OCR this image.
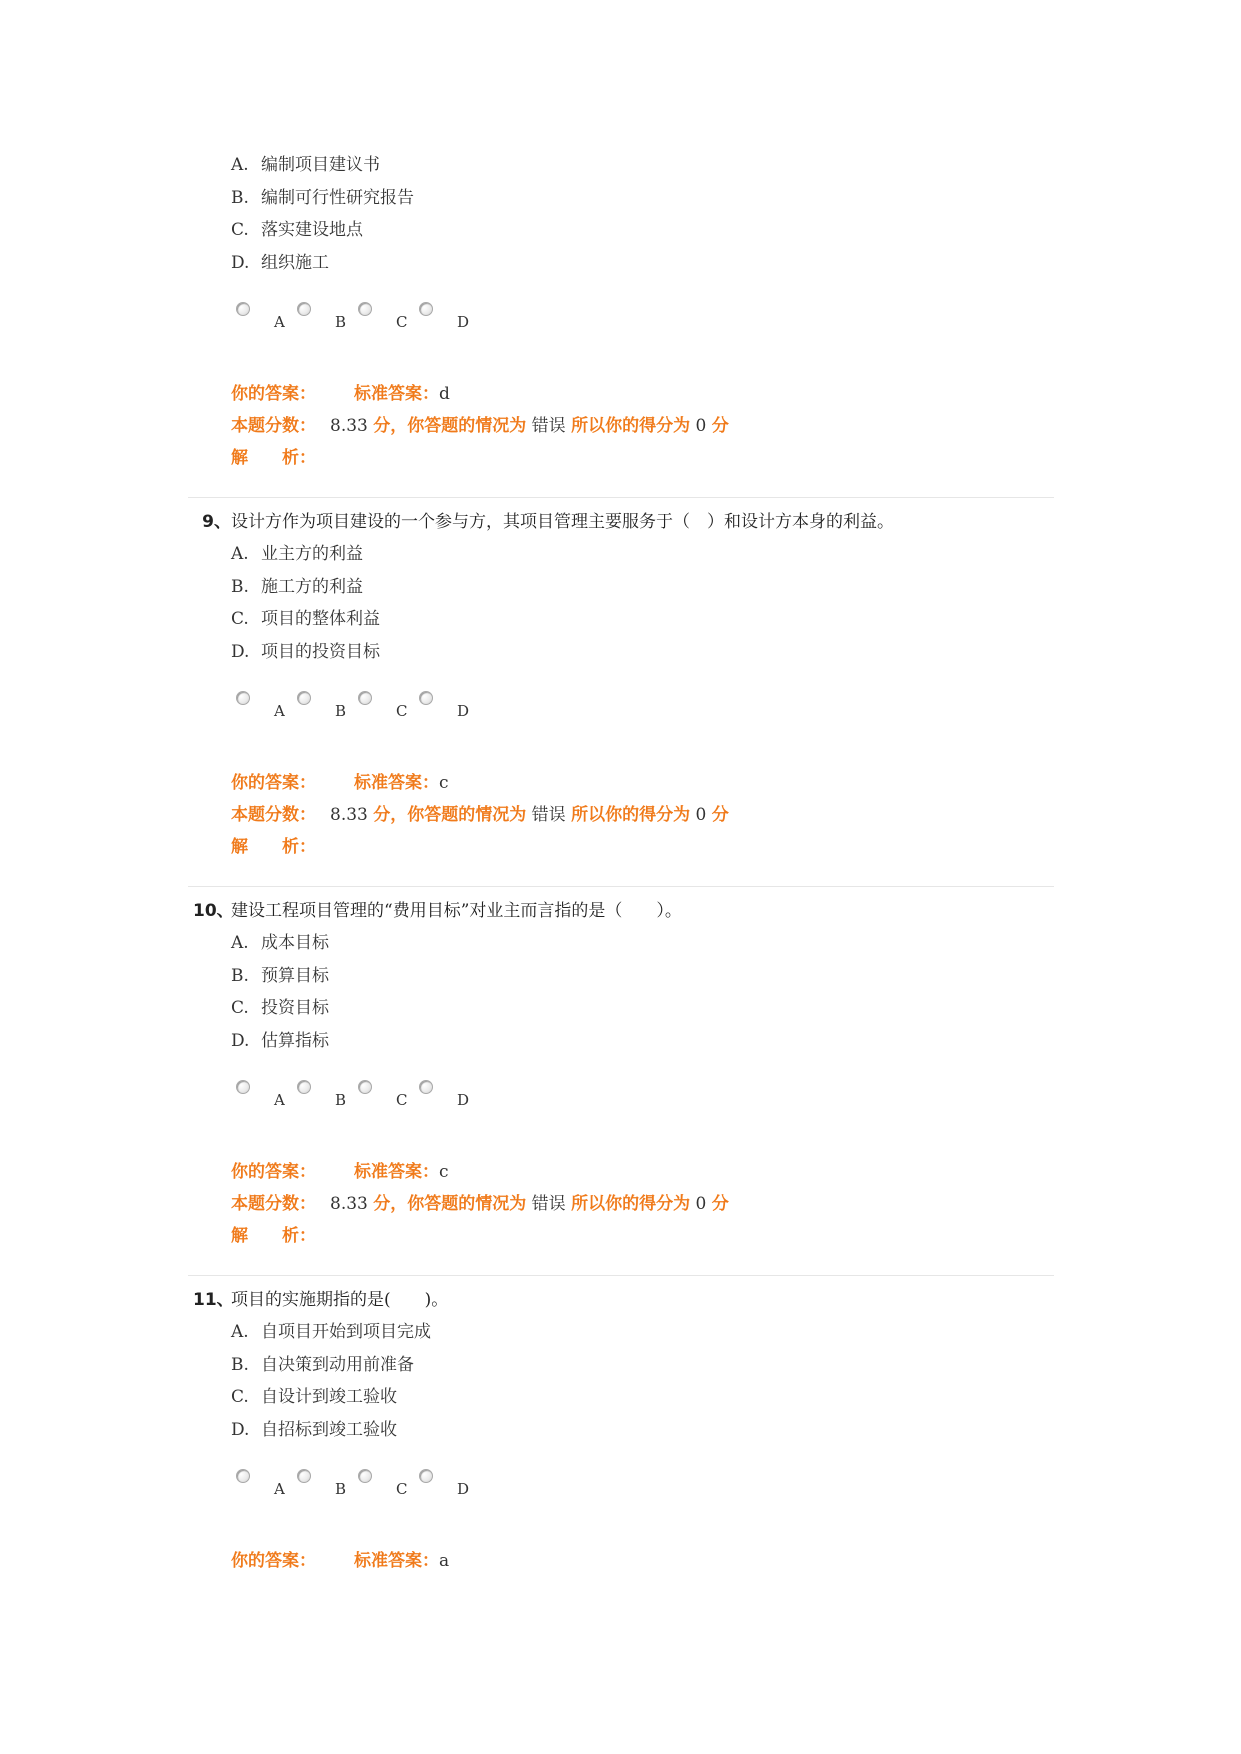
A. 编制项目建议书
B. 编制可行性研究报告
C. 落实建设地点
D. 组织施工
A	B	C	D
你的答案： 标准答案：d
本题分数： 8.33 分，你答题的情况为 错误 所以你的得分为 0 分
解　　析：
9、设计方作为项目建设的一个参与方，其项目管理主要服务于（　）和设计方本身的利益。
A. 业主方的利益
B. 施工方的利益
C. 项目的整体利益
D. 项目的投资目标
A	B	C	D
你的答案： 标准答案：c
本题分数： 8.33 分，你答题的情况为 错误 所以你的得分为 0 分
解　　析：
10、建设工程项目管理的“费用目标”对业主而言指的是（　　）。
A. 成本目标
B. 预算目标
C. 投资目标
D. 估算指标
A	B	C	D
你的答案： 标准答案：c
本题分数： 8.33 分，你答题的情况为 错误 所以你的得分为 0 分
解　　析：
11、项目的实施期指的是(　　)。
A. 自项目开始到项目完成
B. 自决策到动用前准备
C. 自设计到竣工验收
D. 自招标到竣工验收
A	B	C	D
你的答案： 标准答案：a
